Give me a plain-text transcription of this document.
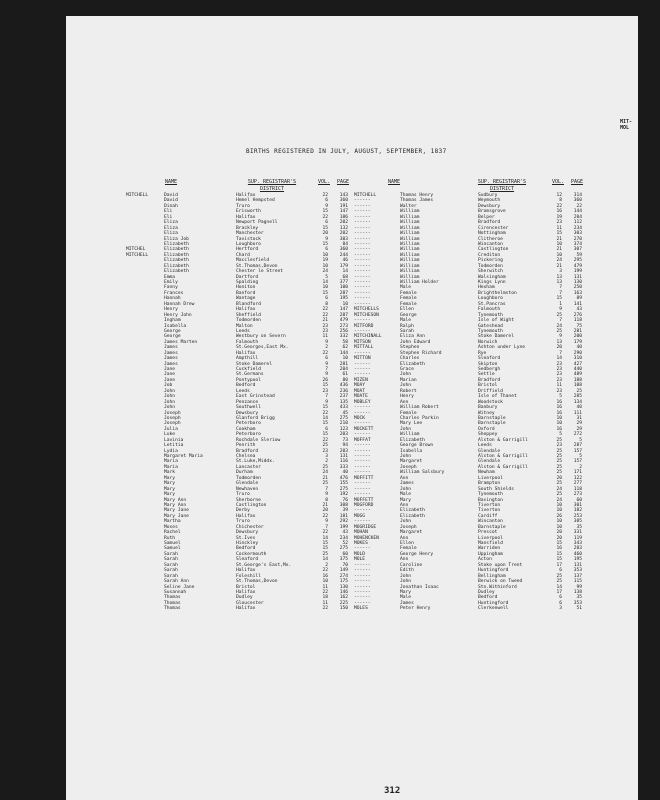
MIT-MOL
BIRTHS REGISTERED IN JULY, AUGUST, SEPTEMBER, 1837
NAME	SUP. REGISTRAR'S DISTRICT
VOL.	PAGE
MITCHELL	David	Halifax	22	143
David	Hemel Hempsted	6	360
Dinah	Truro	9	191
Eli	Erisworth	15	147
Eli	Halifax	22	186
Eliza	Newport Pagnell	6	202
Eliza	Brackley	15	132
Eliza	Manchester	20	202
Eliza Job	Tavistock	9	303
Elizabeth	Loughboro	15	84
MITCHEL	Elizabeth	Hertford	6	360
MITCHELL	Elizabeth	Chard	10	244
Elizabeth	Macclesfield	19	46
Elizabeth	St.Thomas,Devon	10	179
Elizabeth	Chester le Street	24	14
Emma	Dartford	5	68
Emily	Spalding	14	377
Fanny	Honiton	10	100
Frances	Banford	15	287
Hannah	Wantage	6	195
Hannah Drew	Blandford	8	10
Henry	Halifax	22	147
Henry John	Sheffield	22	287
Ingham	Todmorden	21	479
Isabella	Malton	23	273
George	Leeds	23	256
George	Westbury on Severn	11	332
James Marten	Falmouth	9	58
James	St.Georges,East Mx.	2	62
James	Halifax	22	144
James	Ampthill	6	10
James	Stoke Damerel	9	281
Jane	Cuckfield	7	204
Jane	St.Germans	9	61
Jane	Pontypool	26	80
Job	Bedford	15	436
John	Leeds	23	236
John	East Grinstead	7	237
John	Penzance	9	135
John	Southwell	15	433
Joseph	Dewsbury	22	45
Joseph	Glanford Brigg	14	275
Joseph	Peterboro	15	210
Julia	Cookham	6	123
Luke	Peterboro	15	203
Lavinia	Rochdale Sleriow	22	73
Letitia	Penrith	25	94
Lydia	Bradford	23	203
Margaret Maria	Chelsea	3	131
Maria	St.Luke,Middx.	2	116
Maria	Lancaster	25	333
Mark	Durham	24	40
Mary	Todmorden	21	476
Mary	Glendale	25	155
Mary	Newhaven	7	275
Mary	Truro	9	192
Mary Ann	Sherborne	8	76
Mary Ann	Castlington	21	308
Mary Jane	Derby	20	39
Mary Jane	Halifax	22	181
Martha	Truro	9	292
Moses	Chichester	7	199
Rachel	Dewsbury	22	43
Ruth	St.Ives	14	234
Samuel	Hinckley	15	52
Samuel	Bedford	15	275
Sarah	Cockermouth	25	60
Sarah	Sleaford	14	375
Sarah	St.George's East,Mx.	2	70
Sarah	Halifax	22	149
Sarah	Foleshill	16	274
Sarah Ann	St.Thomas,Devon	10	175
Seline Jane	Bristol	11	130
Susannah	Halifax	22	146
Thomas	Dudley	18	162
Thomas	Gloucester	11	225
Thomas	Halifax	22	150
NAME	SUP. REGISTRAR'S DISTRICT
VOL.	PAGE
MITCHELL	Thomas Henry	Sudbury	12	314
------	Thomas James	Weymouth	8	360
------	Walter	Dewsbury	22	22
------	William	Bromsgrove	16	144
------	William	Belper	19	204
------	William	Bradford	23	112
------	William	Cirencester	11	234
------	William	Nottingham	15	303
------	William	Clitheroe	21	270
------	William	Wincanton	10	374
------	William	Castlington	21	307
------	William	Crediton	10	59
------	William	Pickering	24	295
------	William	Todmorden	21	479
------	William	Sherwitch	3	199
------	William	Walsingham	13	131
------	William Holder	Kings Lynn	13	130
------	Male	Hexham	7	250
------	Female	Brighthelmston	7	163
------	Female	Loughboro	15	89
------	Female	St.Pancras	1	141
MITCHELLS	Ellen	Falmouth	9	43
MITCHESON	George	Tynemouth	25	276
------	Male	Isle of Wight	7	118
MITFORD	Ralph	Gateshead	24	75
------	Sarah	Tynemouth	25	281
MITCHINALL	Eliza Ann	Stoke Damerel	9	200
MITSON	John Edward	Norwich	13	179
MITTALL	Stephen	Ashton under Lyne	20	40
------	Stephen Richard	Rye	7	290
MITTON	Charles	Sleaford	14	310
------	Elizabeth	Skipton	23	427
------	Grace	Sedbergh	23	440
------	John	Settle	23	489
MIZEN	Marian	Bradford	23	188
MOAY	John	Bristol	11	108
MOAT	Robert	Driffield	23	25
MOATE	Henry	Isle of Thanet	5	285
MOBLEY	Ann	Woodstock	16	134
------	William Robert	Banbury	16	40
------	Female	Witney	16	111
MOCK	Charles Parkin	Barnstaple	10	31
------	Mary Lee	Barnstaple	10	29
MOCKETT	John	Oxford	16	29
------	William	Sheppey	5	272
MOFFAT	Elizabeth	Alston & Garrigill	25	5
------	George Brown	Leeds	23	287
------	Isabella	Glendale	25	157
------	John	Alston & Garrigill	25	5
------	Margaret	Glendale	25	157
------	Joseph	Alston & Garrigill	25	2
------	William Salsbury	Newham	25	171
MOFFITT	Ann	Liverpool	20	122
------	James	Brampton	25	277
------	John	South Shields	24	118
------	Male	Tynemouth	25	273
MOFFETT	Mary	Basington	24	60
MOGFORD	Ann	Tiverton	10	301
------	Elizabeth	Tiverton	10	182
MOGG	Elizabeth	Cardiff	26	253
------	John	Wincanton	10	385
MOGRIDGE	Joseph	Barnstaple	10	35
MOHAN	Margaret	Prescot	20	331
MOHENCKEN	Ann	Liverpool	20	119
MOKES	Ellen	Mansfield	15	343
------	Female	Warriden	16	283
MOLD	George Henry	Uppingham	15	460
MOLE	Ann	Acton	15	195
------	Caroline	Stoke upon Trent	17	131
------	Edith	Huntingford	6	353
------	John	Bellingham	25	137
------	John	Berwick on Tweed	25	115
------	Jonathan Isaac	Stn.Withinford	14	99
------	Mary	Dudley	17	138
------	Male	Bedford	6	35
------	James	Huntingford	6	353
MOLES	Peter Henry	Clerkenwell	3	51
312
